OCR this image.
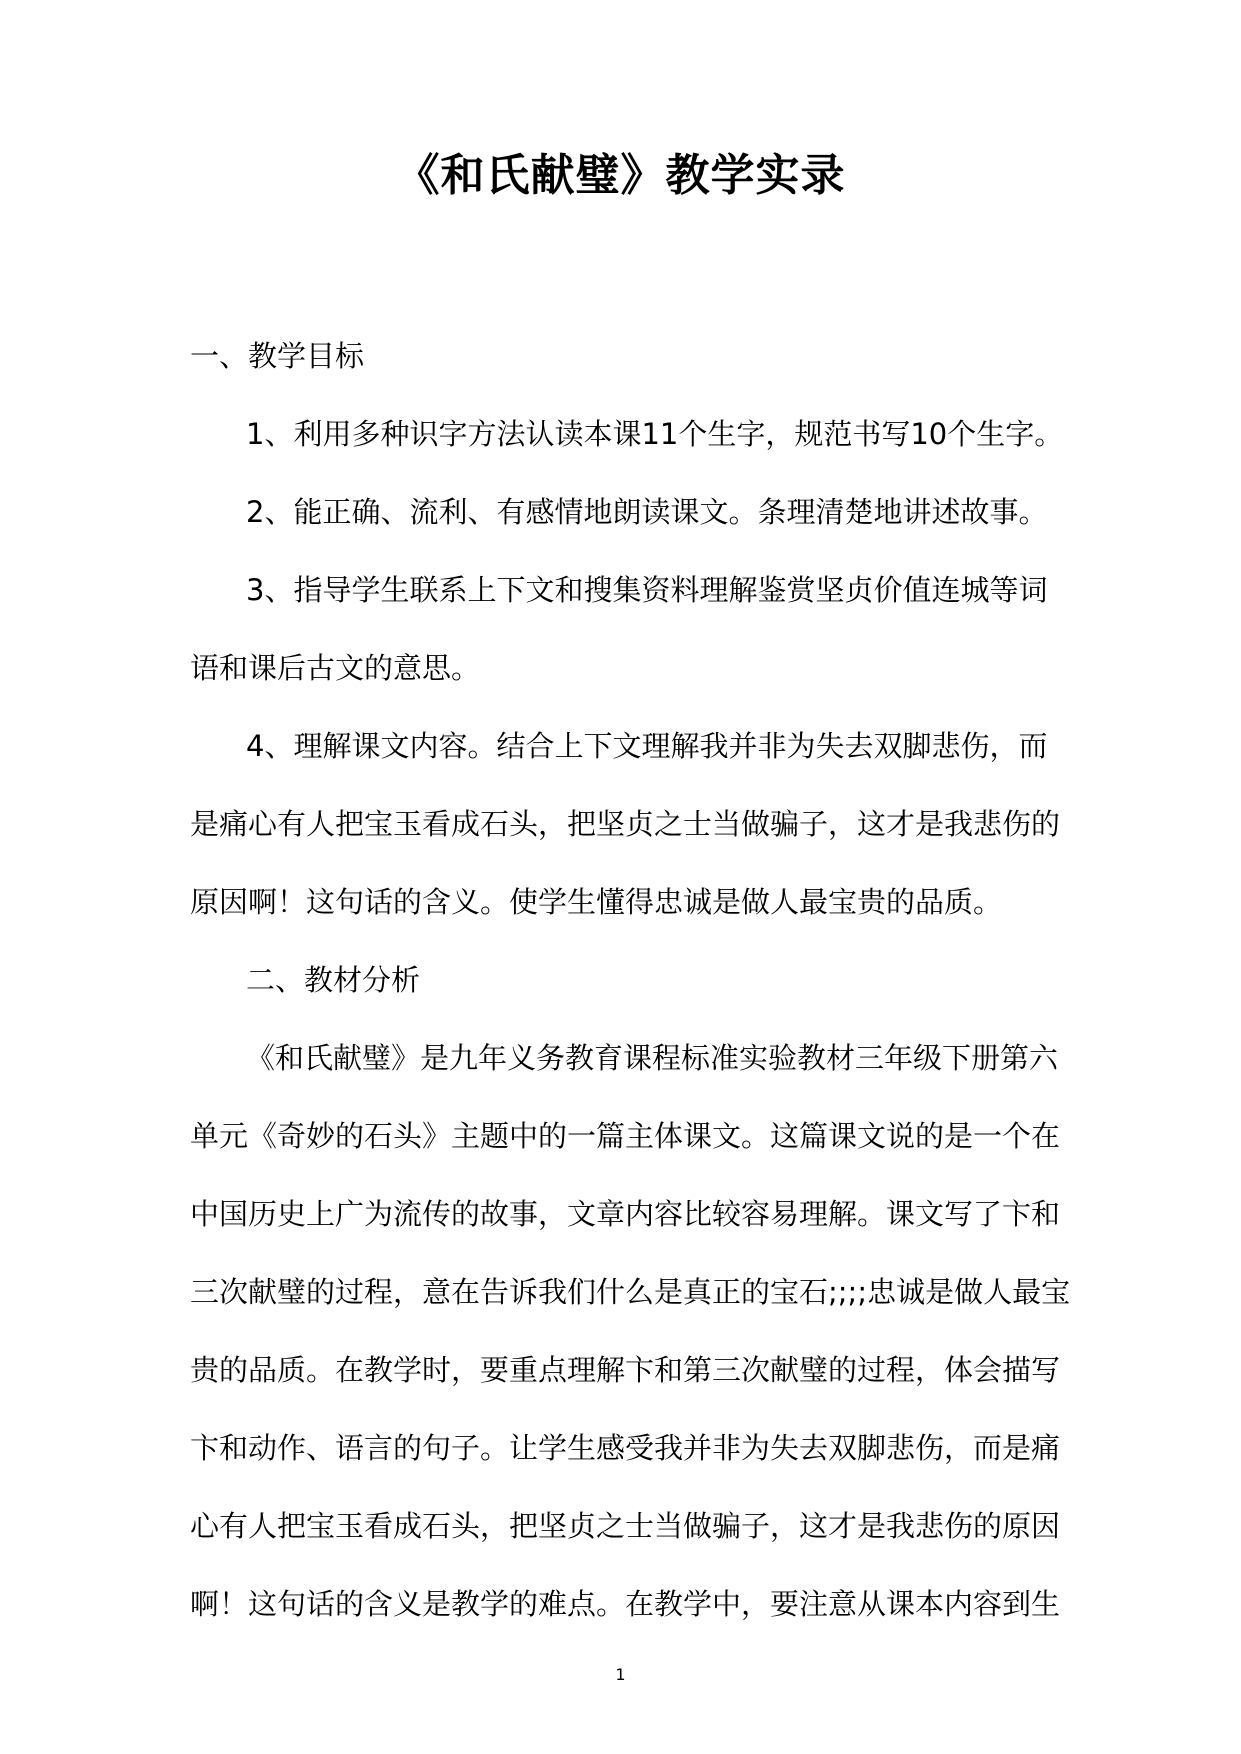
《和氏献璧》教学实录
一、教学目标
1、利用多种识字方法认读本课11个生字，规范书写10个生字。
2、能正确、流利、有感情地朗读课文。条理清楚地讲述故事。
3、指导学生联系上下文和搜集资料理解鉴赏坚贞价值连城等词
语和课后古文的意思。
4、理解课文内容。结合上下文理解我并非为失去双脚悲伤，而
是痛心有人把宝玉看成石头，把坚贞之士当做骗子，这才是我悲伤的
原因啊！这句话的含义。使学生懂得忠诚是做人最宝贵的品质。
二、教材分析
《和氏献璧》是九年义务教育课程标准实验教材三年级下册第六
单元《奇妙的石头》主题中的一篇主体课文。这篇课文说的是一个在
中国历史上广为流传的故事，文章内容比较容易理解。课文写了卞和
三次献璧的过程，意在告诉我们什么是真正的宝石;;;;忠诚是做人最宝
贵的品质。在教学时，要重点理解卞和第三次献璧的过程，体会描写
卞和动作、语言的句子。让学生感受我并非为失去双脚悲伤，而是痛
心有人把宝玉看成石头，把坚贞之士当做骗子，这才是我悲伤的原因
啊！这句话的含义是教学的难点。在教学中，要注意从课本内容到生
1
